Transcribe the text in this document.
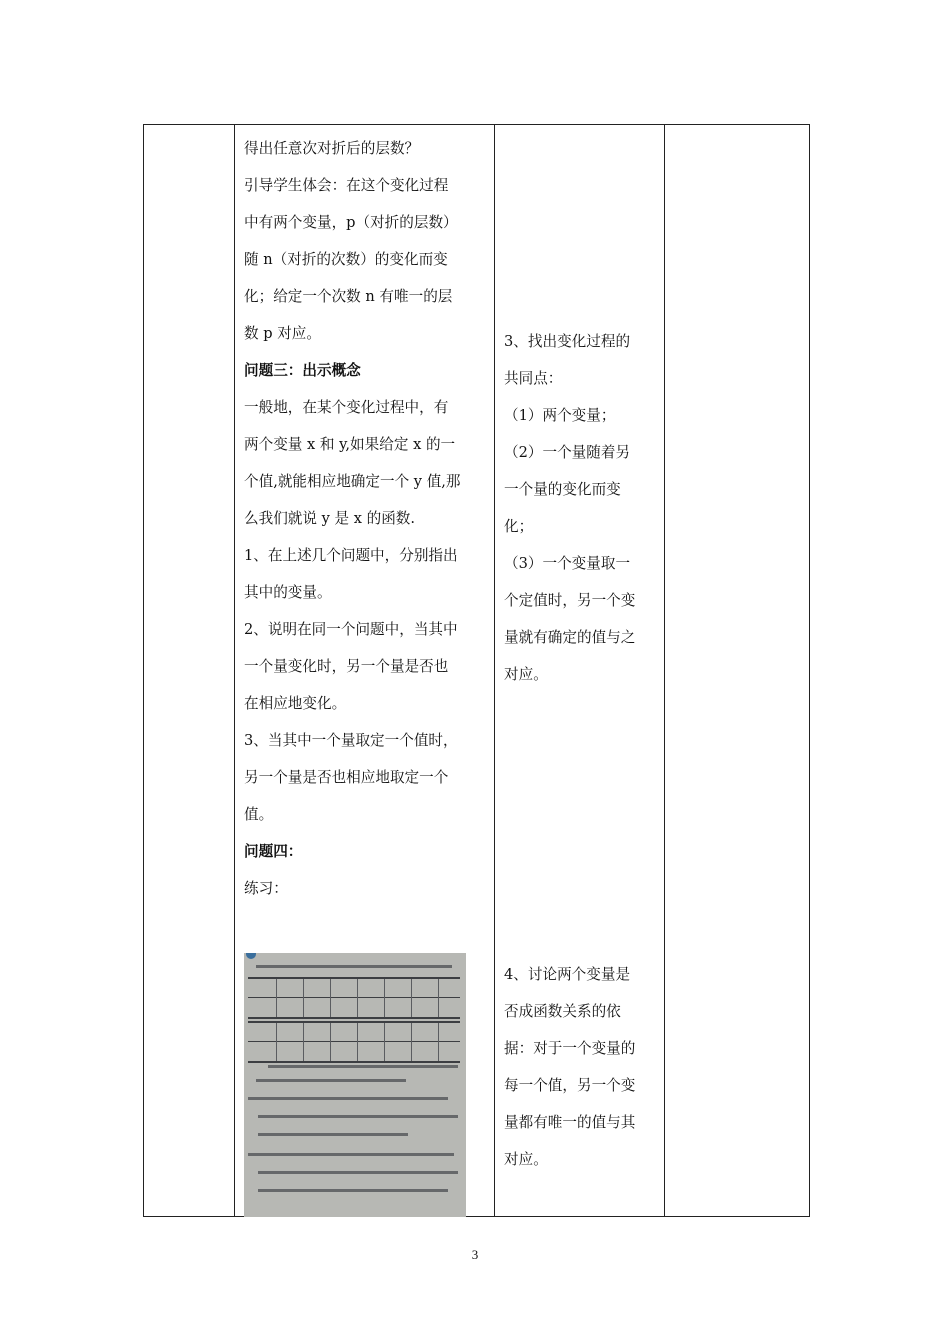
得出任意次对折后的层数？

引导学生体会：在这个变化过程

中有两个变量，p（对折的层数）

随 n（对折的次数）的变化而变

化；给定一个次数 n 有唯一的层

数 p 对应。

问题三：出示概念

一般地，在某个变化过程中，有

两个变量 x 和 y,如果给定 x 的一

个值,就能相应地确定一个 y 值,那

么我们就说 y 是 x 的函数.

1、在上述几个问题中，分别指出

其中的变量。

2、说明在同一个问题中，当其中

一个量变化时，另一个量是否也

在相应地变化。

3、当其中一个量取定一个值时，

另一个量是否也相应地取定一个

值。

问题四：

练习：

3、找出变化过程的

共同点：

（1）两个变量；

（2）一个量随着另

一个量的变化而变

化；

（3）一个变量取一

个定值时，另一个变

量就有确定的值与之

对应。

4、讨论两个变量是

否成函数关系的依

据：对于一个变量的

每一个值，另一个变

量都有唯一的值与其

对应。

3
